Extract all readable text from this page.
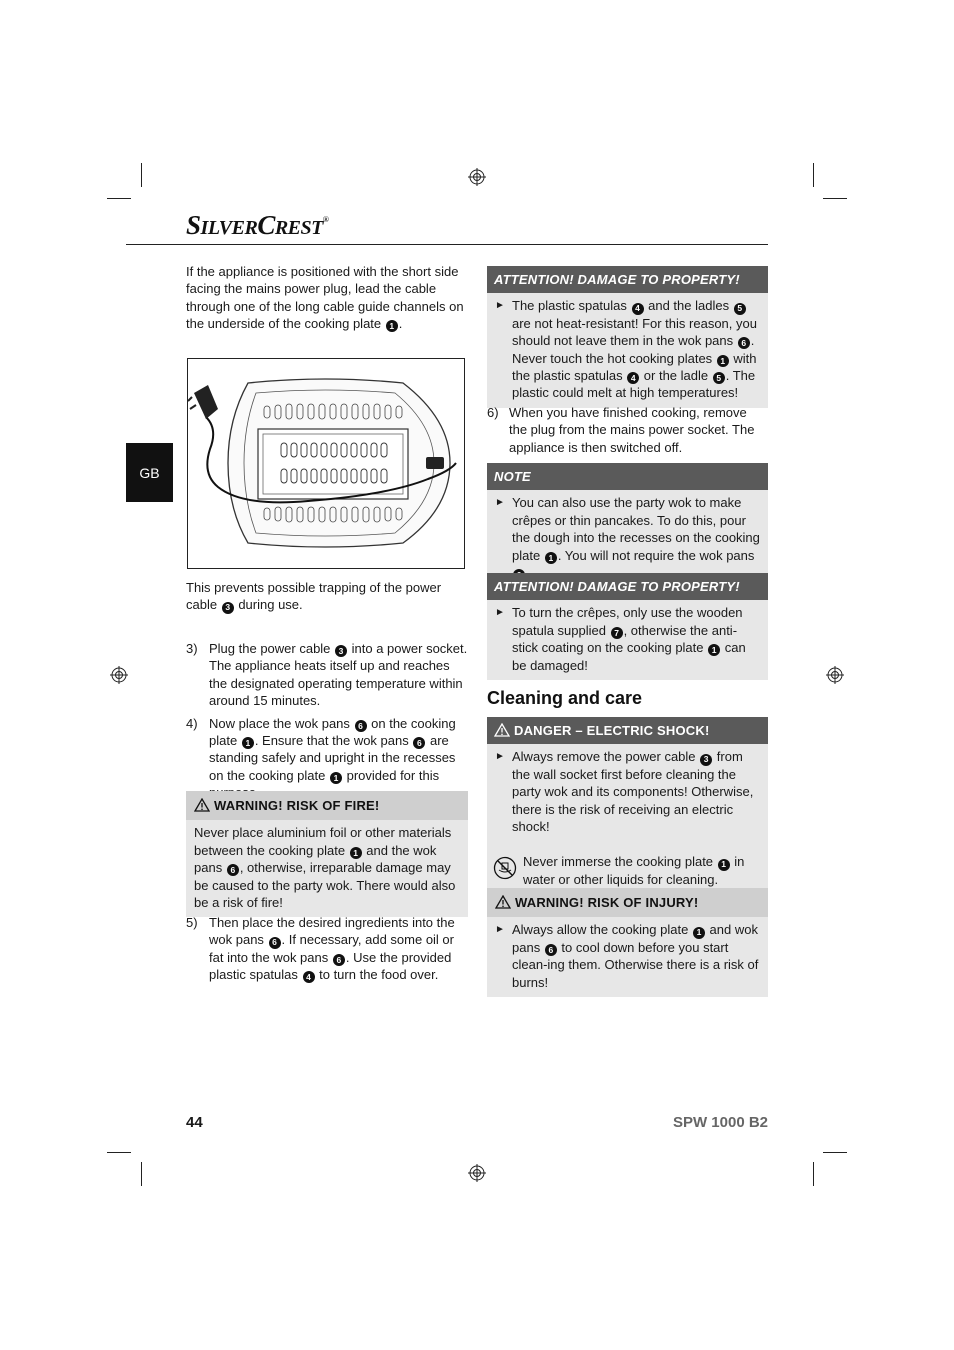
SILVERCREST®
GB

If the appliance is positioned with the short side facing the mains power plug, lead the cable through one of the long cable guide channels on the underside of the cooking plate 1 .

This prevents possible trapping of the power cable 3 during use.

3) Plug the power cable 3 into a power socket. The appliance heats itself up and reaches the designated operating temperature within around 15 minutes.
4) Now place the wok pans 6 on the cooking plate 1 . Ensure that the wok pans 6 are standing safely and upright in the recesses on the cooking plate 1 provided for this
WARNING! RISK OF FIRE!
Never place aluminium foil or other materials between the cooking plate 1 and the wok pans 6 , otherwise, irreparable damage may be caused to the party wok. There would also be a risk of fire!
5) Then place the desired ingredients into the wok pans 6 . If necessary, add some oil or fat into the wok pans 6 . Use the provided plastic spatulas 4 to turn the food over.
ATTENTION! DAMAGE TO PROPERTY!
► The plastic spatulas 4 and the ladles 5 are not heat-resistant! For this reason, you should not leave them in the wok pans 6 . Never touch the hot cooking plates 1 with the plastic spatulas 4 or the ladle 5 . The plastic could melt at high temperatures!
6) When you have finished cooking, remove the plug from the mains power socket. The appliance is then switched off.
NOTE
► You can also use the party wok to make crêpes or thin pancakes. To do this, pour the dough into the recesses on the cooking plate 1 . You will not require the wok pans
ATTENTION! DAMAGE TO PROPERTY!
► To turn the crêpes, only use the wooden spatula supplied 7 , otherwise the anti-stick coating on the cooking plate 1 can be damaged!
Cleaning and care
DANGER – ELECTRIC SHOCK!
► Always remove the power cable 3 from the wall socket first before cleaning the party wok and its components! Otherwise, there is the risk of receiving an electric shock!
Never immerse the cooking plate 1 in water or other liquids for cleaning.
WARNING! RISK OF INJURY!
► Always allow the cooking plate 1 and wok pans 6 to cool down before you start clean-ing them. Otherwise there is a risk of burns!
44	SPW 1000 B2
